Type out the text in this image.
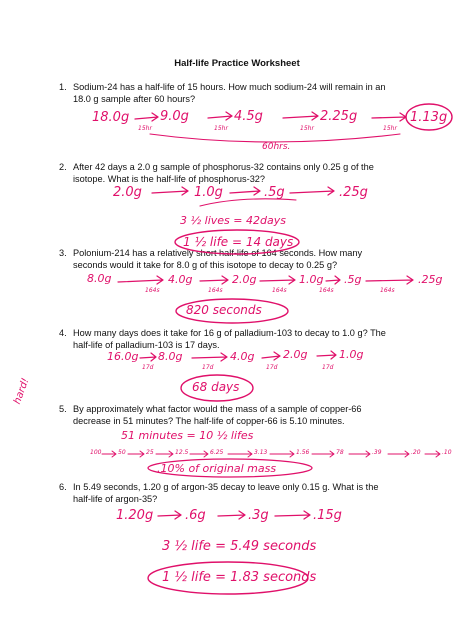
Half-life Practice Worksheet
1. Sodium-24 has a half-life of 15 hours. How much sodium-24 will remain in an
18.0 g sample after 60 hours?
18.0g 9.0g	4.5g	2.25g	1.13g
15hr	15hr	15hr	15hr
60hrs.
2. After 42 days a 2.0 g sample of phosphorus-32 contains only 0.25 g of the
isotope. What is the half-life of phosphorus-32?
2.0g	1.0g	.5g	.25g
3 ½ lives = 42days
1 ½ life = 14 days
3. Polonium-214 has a relatively short half-life of 164 seconds. How many
seconds would it take for 8.0 g of this isotope to decay to 0.25 g?
8.0g	4.0g	2.0g	1.0g .5g	.25g
164s	164s	164s	164s	164s
820 seconds
4. How many days does it take for 16 g of palladium-103 to decay to 1.0 g? The
half-life of palladium-103 is 17 days.
16.0g 8.0g	4.0g	2.0g	1.0g
17d	17d	17d	17d
68 days
hard!
5. By approximately what factor would the mass of a sample of copper-66
decrease in 51 minutes? The half-life of copper-66 is 5.10 minutes.
51 minutes = 10 ½ lifes
100	50	25	12.5	6.25	3.13	1.56	78	.39	.20	.10
.10% of original mass
6. In 5.49 seconds, 1.20 g of argon-35 decay to leave only 0.15 g. What is the
half-life of argon-35?
1.20g .6g	.3g	.15g
3 ½ life = 5.49 seconds
1 ½ life = 1.83 seconds
